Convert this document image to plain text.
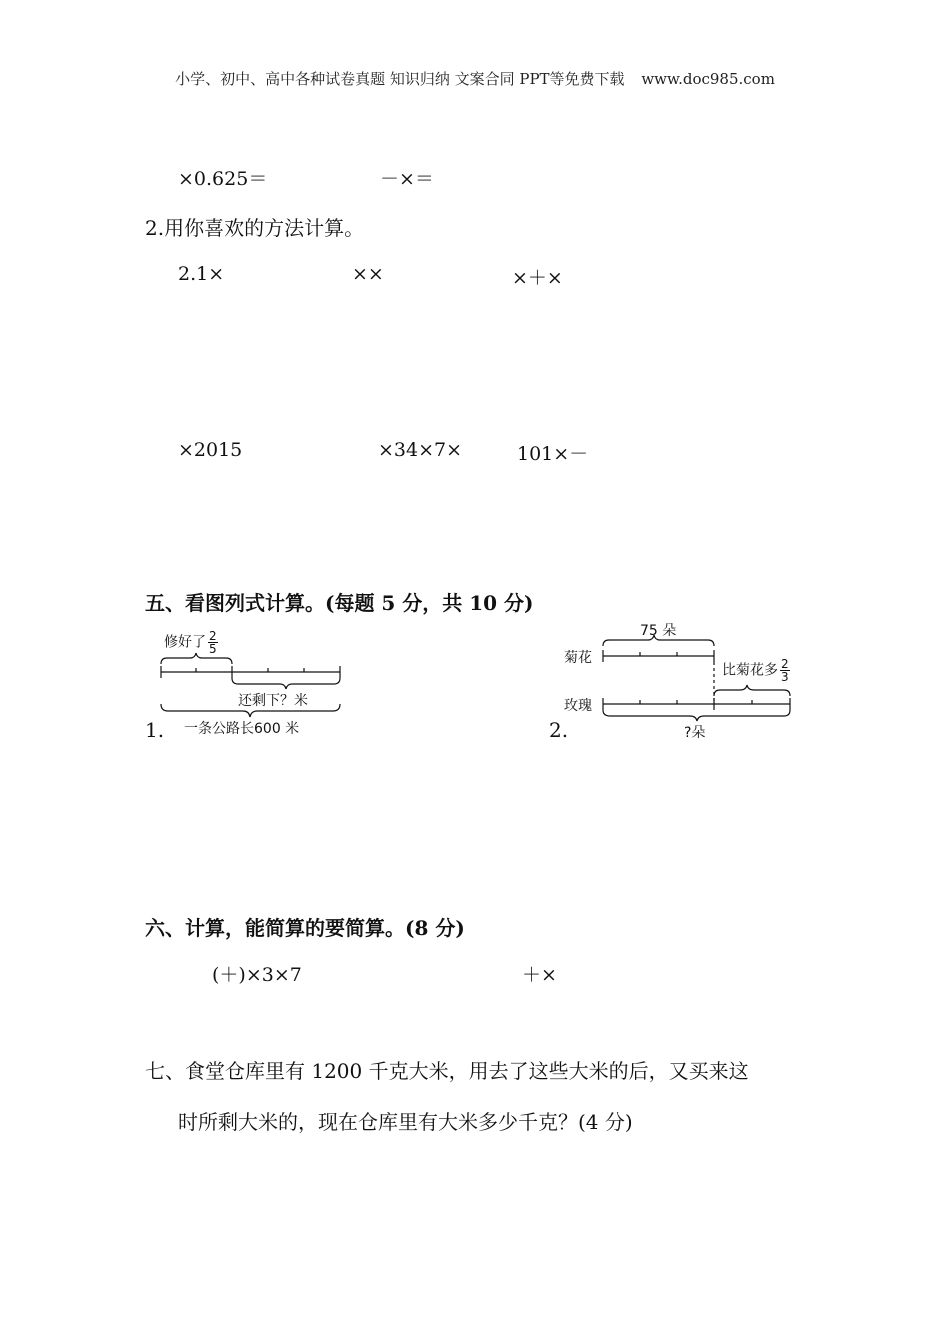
小学、初中、高中各种试卷真题 知识归纳 文案合同 PPT等免费下载 www.doc985.com
×0.625＝	－×＝
2.用你喜欢的方法计算。
2.1×	××	×＋×
×2015	×34×7×	101×－
五、看图列式计算。(每题 5 分，共 10 分)
修好了 $\frac{2}{5}$
还剩下？米
一条公路长600 米
1.
75 朵
菊花
比菊花多 $\frac{2}{3}$
玫瑰
?朵
2.
六、计算，能简算的要简算。(8 分)
(＋)×3×7	＋×
七、食堂仓库里有 1200 千克大米，用去了这些大米的后，又买来这
时所剩大米的，现在仓库里有大米多少千克？(4 分)
